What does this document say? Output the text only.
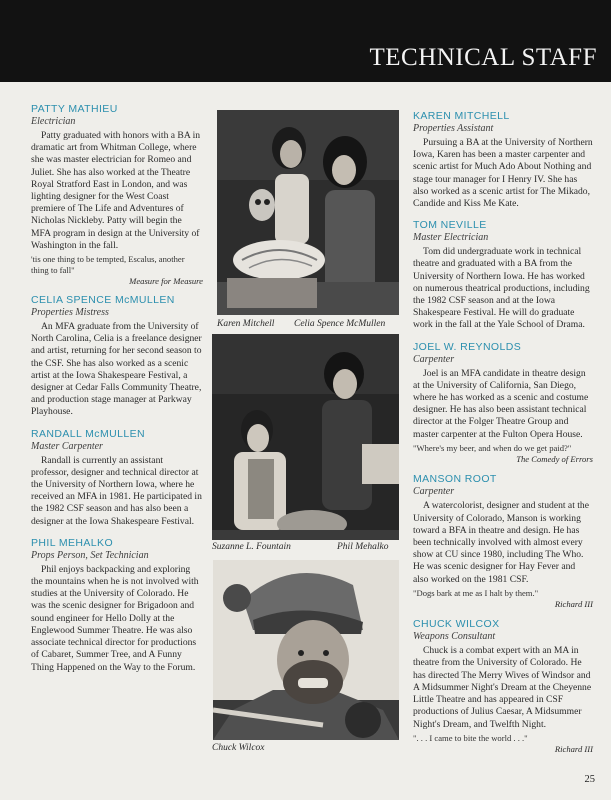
TECHNICAL STAFF

PATTY MATHIEU

Electrician

Patty graduated with honors with a BA in dramatic art from Whitman College, where she was master electrician for Romeo and Juliet. She has also worked at the Theatre Royal Stratford East in London, and was lighting designer for the West Coast premiere of The Life and Adventures of Nicholas Nickleby. Patty will begin the MFA program in design at the University of Washington in the fall.

'tis one thing to be tempted, Escalus, another thing to fall"

Measure for Measure

CELIA SPENCE McMULLEN

Properties Mistress

An MFA graduate from the University of North Carolina, Celia is a freelance designer and artist, returning for her second season to the CSF. She has also worked as a scenic artist at the Iowa Shakespeare Festival, a designer at Cedar Falls Community Theatre, and production stage manager at Parkway Playhouse.

RANDALL McMULLEN

Master Carpenter

Randall is currently an assistant professor, designer and technical director at the University of Northern Iowa, where he received an MFA in 1981. He participated in the 1982 CSF season and has also been a designer at the Iowa Shakespeare Festival.

PHIL MEHALKO

Props Person, Set Technician

Phil enjoys backpacking and exploring the mountains when he is not involved with studies at the University of Colorado. He was the scenic designer for Brigadoon and sound engineer for Hello Dolly at the Englewood Summer Theatre. He was also associate technical director for productions of Cabaret, Summer Tree, and A Funny Thing Happened on the Way to the Forum.

Karen Mitchell Celia Spence McMullen
Suzanne L. Fountain	Phil Mehalko
Chuck Wilcox

KAREN MITCHELL

Properties Assistant

Pursuing a BA at the University of Northern Iowa, Karen has been a master carpenter and scenic artist for Much Ado About Nothing and stage tour manager for I Henry IV. She has also worked as a scenic artist for The Mikado, Candide and Kiss Me Kate.

TOM NEVILLE

Master Electrician

Tom did undergraduate work in technical theatre and graduated with a BA from the University of Northern Iowa. He has worked on numerous theatrical productions, including the 1982 CSF season and at the Iowa Shakespeare Festival. He will do graduate work in the fall at the Yale School of Drama.

JOEL W. REYNOLDS

Carpenter

Joel is an MFA candidate in theatre design at the University of California, San Diego, where he has worked as a scenic and costume designer. He has also been assistant technical director at the Folger Theatre Group and master carpenter at the Fulton Opera House.

"Where's my beer, and when do we get paid?"

The Comedy of Errors

MANSON ROOT

Carpenter

A watercolorist, designer and student at the University of Colorado, Manson is working toward a BFA in theatre and design. He has been technically involved with almost every show at CU since 1980, including The Who. He was scenic designer for Hay Fever and also worked on the 1981 CSF.

"Dogs bark at me as I halt by them."

Richard III

CHUCK WILCOX

Weapons Consultant

Chuck is a combat expert with an MA in theatre from the University of Colorado. He has directed The Merry Wives of Windsor and A Midsummer Night's Dream at the Cheyenne Little Theatre and has appeared in CSF productions of Julius Caesar, A Midsummer Night's Dream, and Twelfth Night.

". . . I came to bite the world . . ."

Richard III

25
